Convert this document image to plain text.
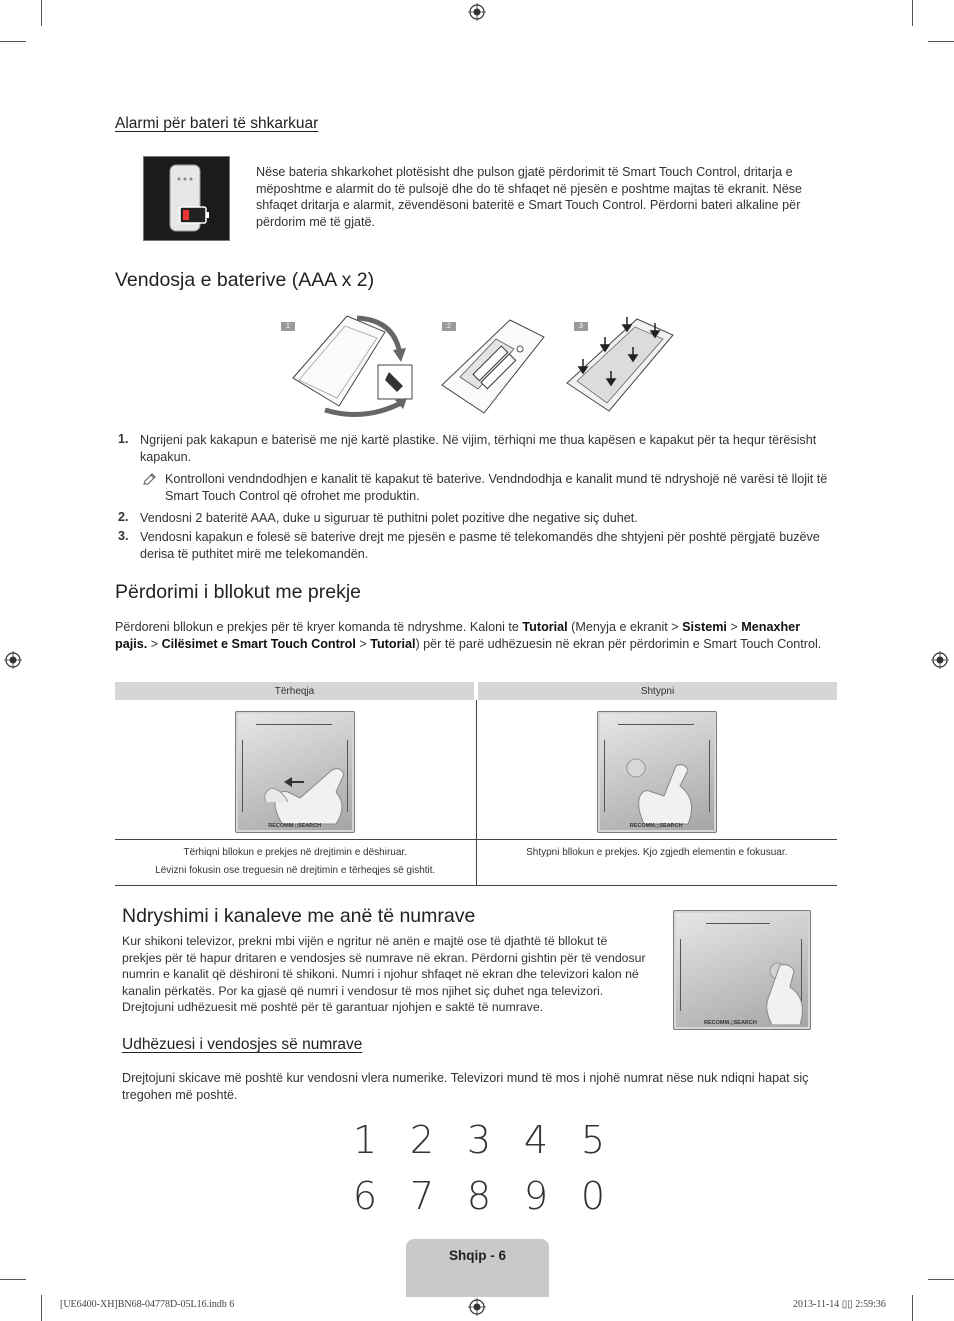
Alarmi për bateri të shkarkuar
Nëse bateria shkarkohet plotësisht dhe pulson gjatë përdorimit të Smart Touch Control, dritarja e mëposhtme e alarmit do të pulsojë dhe do të shfaqet në pjesën e poshtme majtas të ekranit. Nëse shfaqet dritarja e alarmit, zëvendësoni bateritë e Smart Touch Control. Përdorni bateri alkaline për përdorim më të gjatë.
Vendosja e baterive (AAA x 2)
1	2	3
1. Ngrijeni pak kakapun e baterisë me një kartë plastike. Në vijim, tërhiqni me thua kapësen e kapakut për ta hequr tërësisht kapakun.
Kontrolloni vendndodhjen e kanalit të kapakut të baterive. Vendndodhja e kanalit mund të ndryshojë në varësi të llojit të Smart Touch Control që ofrohet me produktin.
2. Vendosni 2 bateritë AAA, duke u siguruar të puthitni polet pozitive dhe negative siç duhet.
3. Vendosni kapakun e folesë së baterive drejt me pjesën e pasme të telekomandës dhe shtyjeni për poshtë përgjatë buzëve derisa të puthitet mirë me telekomandën.
Përdorimi i bllokut me prekje
Përdoreni bllokun e prekjes për të kryer komanda të ndryshme. Kaloni te Tutorial (Menyja e ekranit > Sistemi > Menaxher pajis. > Cilësimet e Smart Touch Control > Tutorial) për të parë udhëzuesin në ekran për përdorimin e Smart Touch Control.
Tërheqja	Shtypni

RECOMM.▯SEARCH	RECOMM.▯SEARCH

Tërhiqni bllokun e prekjes në drejtimin e dëshiruar.
Lëvizni fokusin ose treguesin në drejtimin e tërheqjes së gishtit.	Shtypni bllokun e prekjes. Kjo zgjedh elementin e fokusuar.
Ndryshimi i kanaleve me anë të numrave
Kur shikoni televizor, prekni mbi vijën e ngritur në anën e majtë ose të djathtë të bllokut të prekjes për të hapur dritaren e vendosjes së numrave në ekran. Përdorni gishtin për të vendosur numrin e kanalit që dëshironi të shikoni. Numri i njohur shfaqet në ekran dhe televizori kalon në kanalin përkatës. Por ka gjasë që numri i vendosur të mos njihet siç duhet nga televizori. Drejtojuni udhëzuesit më poshtë për të garantuar njohjen e saktë të numrave.
RECOMM.▯SEARCH
Udhëzuesi i vendosjes së numrave
Drejtojuni skicave më poshtë kur vendosni vlera numerike. Televizori mund të mos i njohë numrat nëse nuk ndiqni hapat siç tregohen më poshtë.
1 2 3 4 5
6 7 8 9 0
Shqip - 6
[UE6400-XH]BN68-04778D-05L16.indb 6	2013-11-14 ▯▯ 2:59:36
